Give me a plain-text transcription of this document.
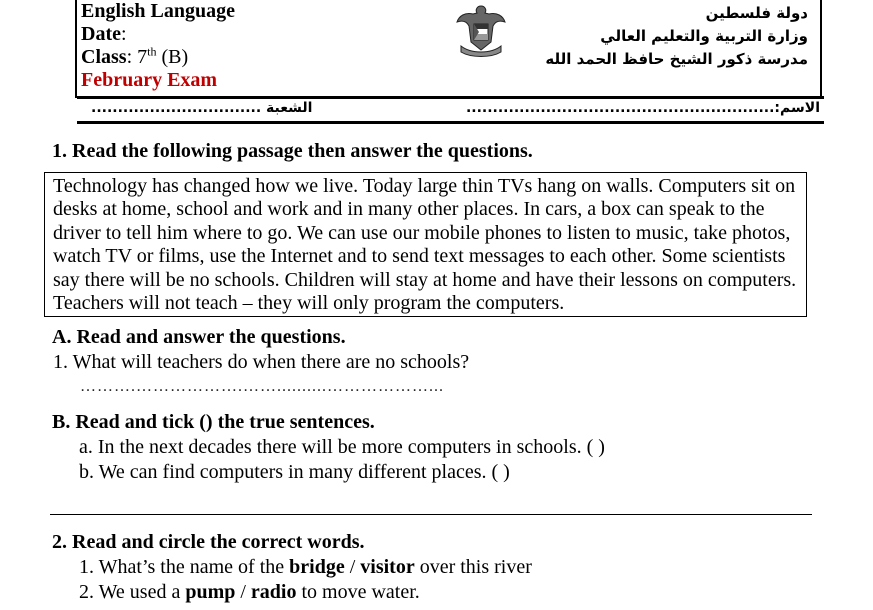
English Language
Date:
Class: 7th (B)
February Exam
دولة فلسطين
وزارة التربية والتعليم العالي
مدرسة ذكور الشيخ حافظ الحمد الله
الاسم:..........................................................
الشعبة ................................
1. Read the following passage then answer the questions.
Technology has changed how we live. Today large thin TVs hang on walls. Computers sit on desks at home, school and work and in many other places. In cars, a box can speak to the driver to tell him where to go. We can use our mobile phones to listen to music, take photos, watch TV or films, use the Internet and to send text messages to each other. Some scientists say there will be no schools. Children will stay at home and have their lessons on computers. Teachers will not teach – they will only program the computers.
A. Read and answer the questions.
1. What will teachers do when there are no schools?
……….……………….……..........………………...
B. Read and tick () the true sentences.
a. In the next decades there will be more computers in schools. ( )
b. We can find computers in many different places. ( )
2. Read and circle the correct words.
1. What’s the name of the bridge / visitor over this river
2. We used a pump / radio to move water.
